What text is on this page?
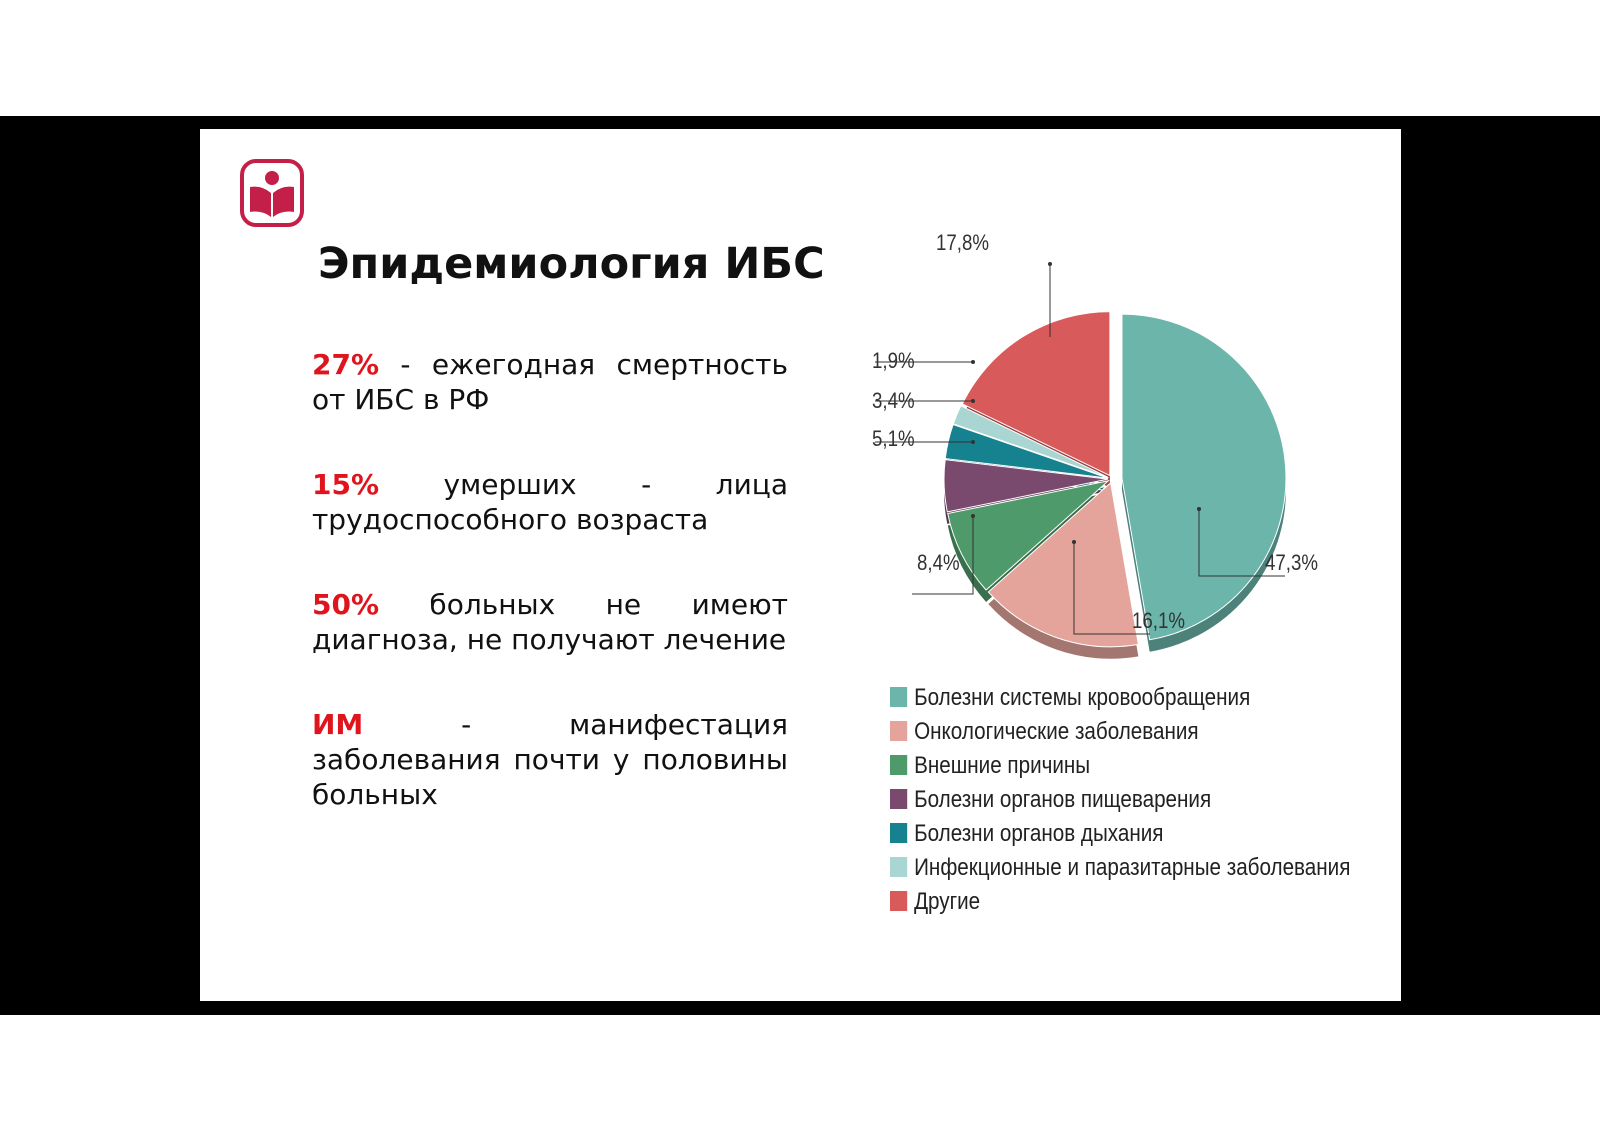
Эпидемиология ИБС
27% - ежегодная смертность от ИБС в РФ
15% умерших - лица трудоспособного возраста
50% больных не имеют диагноза, не получают лечение
ИМ - манифестация заболевания почти у половины больных
47,3%
16,1%
8,4%
5,1%
3,4%
1,9%
17,8%
Болезни системы кровообращения
Онкологические заболевания
Внешние причины
Болезни органов пищеварения
Болезни органов дыхания
Инфекционные и паразитарные заболевания
Другие
